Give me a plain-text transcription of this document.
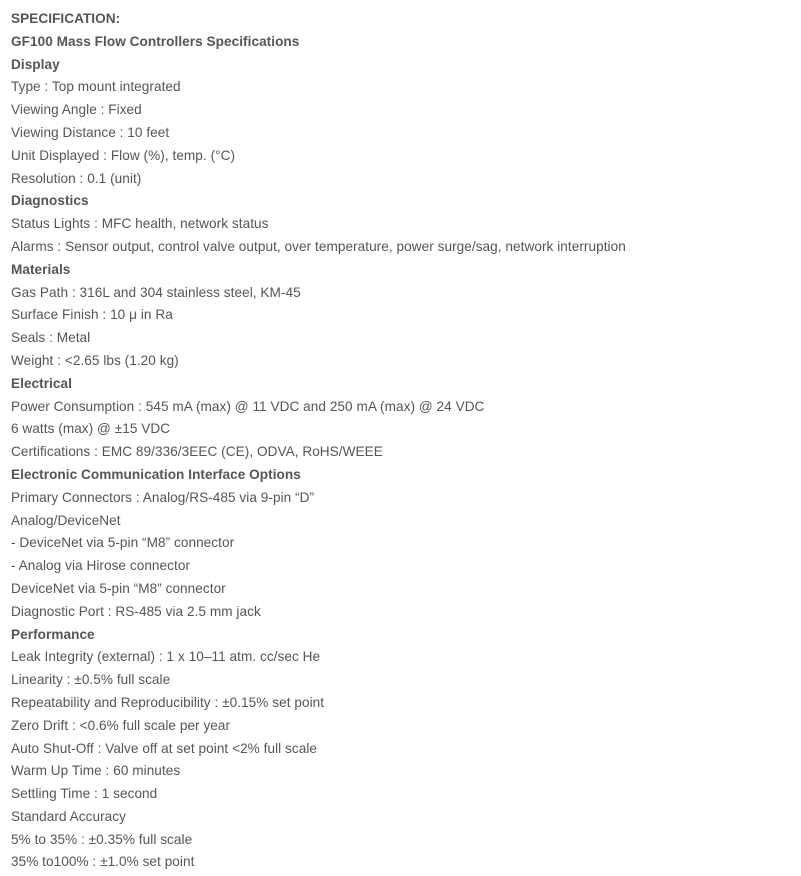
SPECIFICATION:
GF100 Mass Flow Controllers Specifications
Display
Type : Top mount integrated
Viewing Angle : Fixed
Viewing Distance : 10 feet
Unit Displayed : Flow (%), temp. (°C)
Resolution : 0.1 (unit)
Diagnostics
Status Lights : MFC health, network status
Alarms : Sensor output, control valve output, over temperature, power surge/sag, network interruption
Materials
Gas Path : 316L and 304 stainless steel, KM-45
Surface Finish : 10 μ in Ra
Seals : Metal
Weight : <2.65 lbs (1.20 kg)
Electrical
Power Consumption : 545 mA (max) @ 11 VDC and 250 mA (max) @ 24 VDC
6 watts (max) @ ±15 VDC
Certifications : EMC 89/336/3EEC (CE), ODVA, RoHS/WEEE
Electronic Communication Interface Options
Primary Connectors : Analog/RS-485 via 9-pin “D”
Analog/DeviceNet
- DeviceNet via 5-pin “M8” connector
- Analog via Hirose connector
DeviceNet via 5-pin “M8” connector
Diagnostic Port : RS-485 via 2.5 mm jack
Performance
Leak Integrity (external) : 1 x 10–11 atm. cc/sec He
Linearity : ±0.5% full scale
Repeatability and Reproducibility : ±0.15% set point
Zero Drift : <0.6% full scale per year
Auto Shut-Off : Valve off at set point <2% full scale
Warm Up Time : 60 minutes
Settling Time : 1 second
Standard Accuracy
5% to 35% : ±0.35% full scale
35% to100% : ±1.0% set point
